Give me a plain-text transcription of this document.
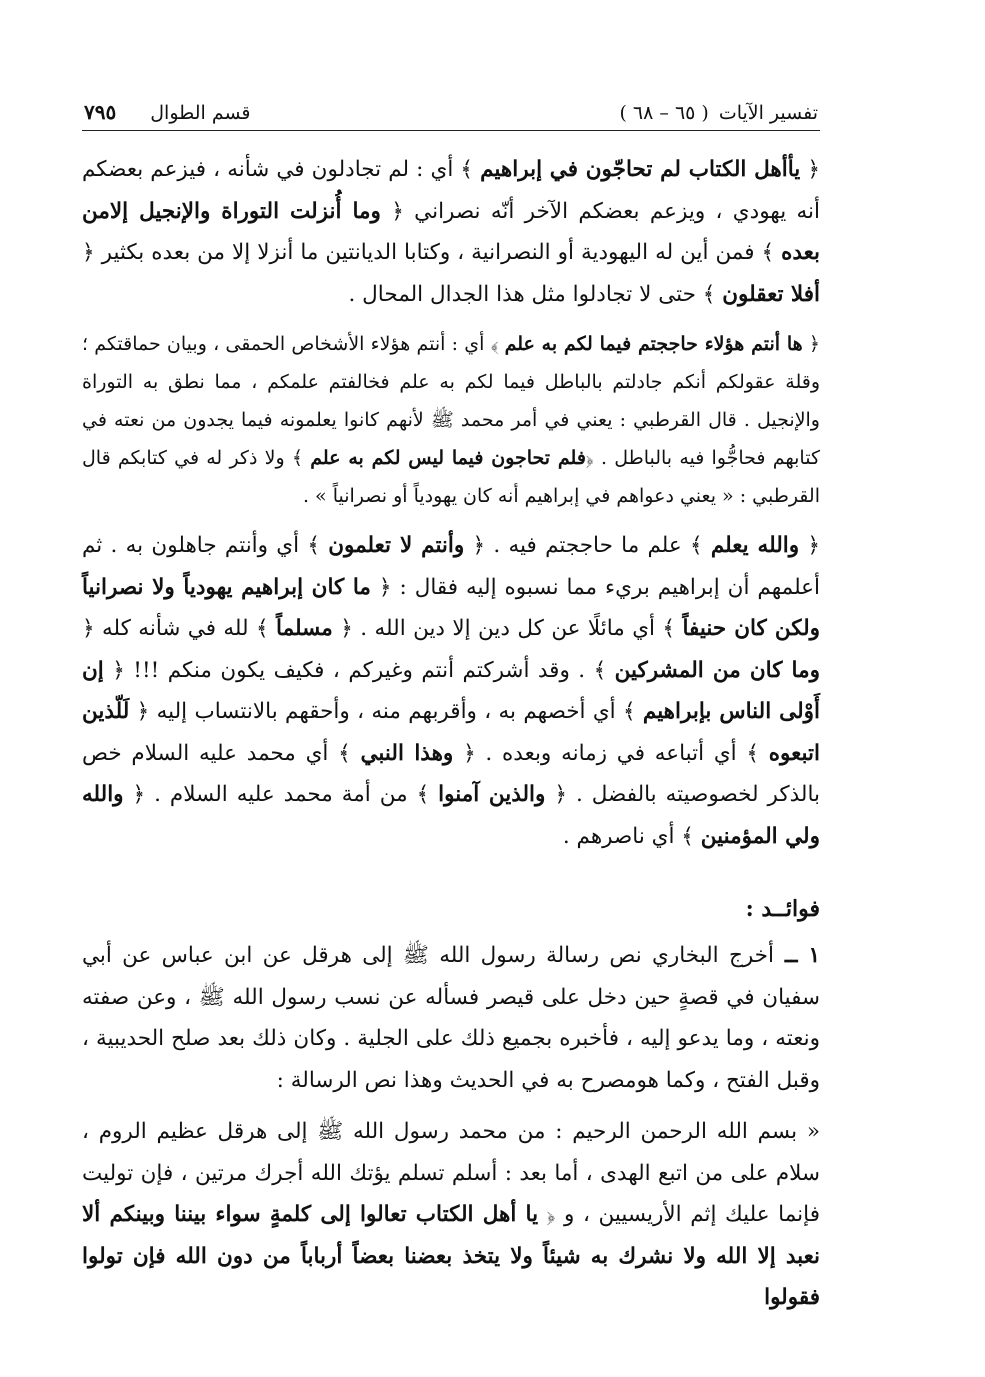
تفسير الآيات
( ٦٥ – ٦٨ )
قسم الطوال
٧٩٥

﴿ يأأهل الكتاب لم تحاجّون في إبراهيم ﴾ أي : لم تجادلون في شأنه ، فيزعم بعضكم أنه يهودي ، ويزعم بعضكم الآخر أنّه نصراني ﴿ وما أُنزلت التوراة والإنجيل إلامن بعده ﴾ فمن أين له اليهودية أو النصرانية ، وكتابا الديانتين ما أنزلا إلا من بعده بكثير ﴿ أفلا تعقلون ﴾ حتى لا تجادلوا مثل هذا الجدال المحال .

﴿ ها أنتم هؤلاء حاججتم فيما لكم به علم ﴾ أي : أنتم هؤلاء الأشخاص الحمقى ، وبيان حماقتكم ؛ وقلة عقولكم أنكم جادلتم بالباطل فيما لكم به علم فخالفتم علمكم ، مما نطق به التوراة والإنجيل . قال القرطبي : يعني في أمر محمد ﷺ لأنهم كانوا يعلمونه فيما يجدون من نعته في كتابهم فحاجُّوا فيه بالباطل . ﴿فلم تحاجون فيما ليس لكم به علم ﴾ ولا ذكر له في كتابكم قال القرطبي : « يعني دعواهم في إبراهيم أنه كان يهودياً أو نصرانياً » .

﴿ والله يعلم ﴾ علم ما حاججتم فيه . ﴿ وأنتم لا تعلمون ﴾ أي وأنتم جاهلون به . ثم أعلمهم أن إبراهيم بريء مما نسبوه إليه فقال : ﴿ ما كان إبراهيم يهودياً ولا نصرانياً ولكن كان حنيفاً ﴾ أي مائلًا عن كل دين إلا دين الله . ﴿ مسلماً ﴾ لله في شأنه كله ﴿ وما كان من المشركين ﴾ . وقد أشركتم أنتم وغيركم ، فكيف يكون منكم !!! ﴿ إن أَوْلى الناس بإبراهيم ﴾ أي أخصهم به ، وأقربهم منه ، وأحقهم بالانتساب إليه ﴿ لَلّذين اتبعوه ﴾ أي أتباعه في زمانه وبعده . ﴿ وهذا النبي ﴾ أي محمد عليه السلام خص بالذكر لخصوصيته بالفضل . ﴿ والذين آمنوا ﴾ من أمة محمد عليه السلام . ﴿ والله ولي المؤمنين ﴾ أي ناصرهم .

فوائــد :

١ ــ أخرج البخاري نص رسالة رسول الله ﷺ إلى هرقل عن ابن عباس عن أبي سفيان في قصةٍ حين دخل على قيصر فسأله عن نسب رسول الله ﷺ ، وعن صفته ونعته ، وما يدعو إليه ، فأخبره بجميع ذلك على الجلية . وكان ذلك بعد صلح الحديبية ، وقبل الفتح ، وكما هومصرح به في الحديث وهذا نص الرسالة :

« بسم الله الرحمن الرحيم : من محمد رسول الله ﷺ إلى هرقل عظيم الروم ، سلام على من اتبع الهدى ، أما بعد : أسلم تسلم يؤتك الله أجرك مرتين ، فإن توليت فإنما عليك إثم الأريسيين ، و ﴿ يا أهل الكتاب تعالوا إلى كلمةٍ سواء بيننا وبينكم ألا نعبد إلا الله ولا نشرك به شيئاً ولا يتخذ بعضنا بعضاً أرباباً من دون الله فإن تولوا فقولوا
